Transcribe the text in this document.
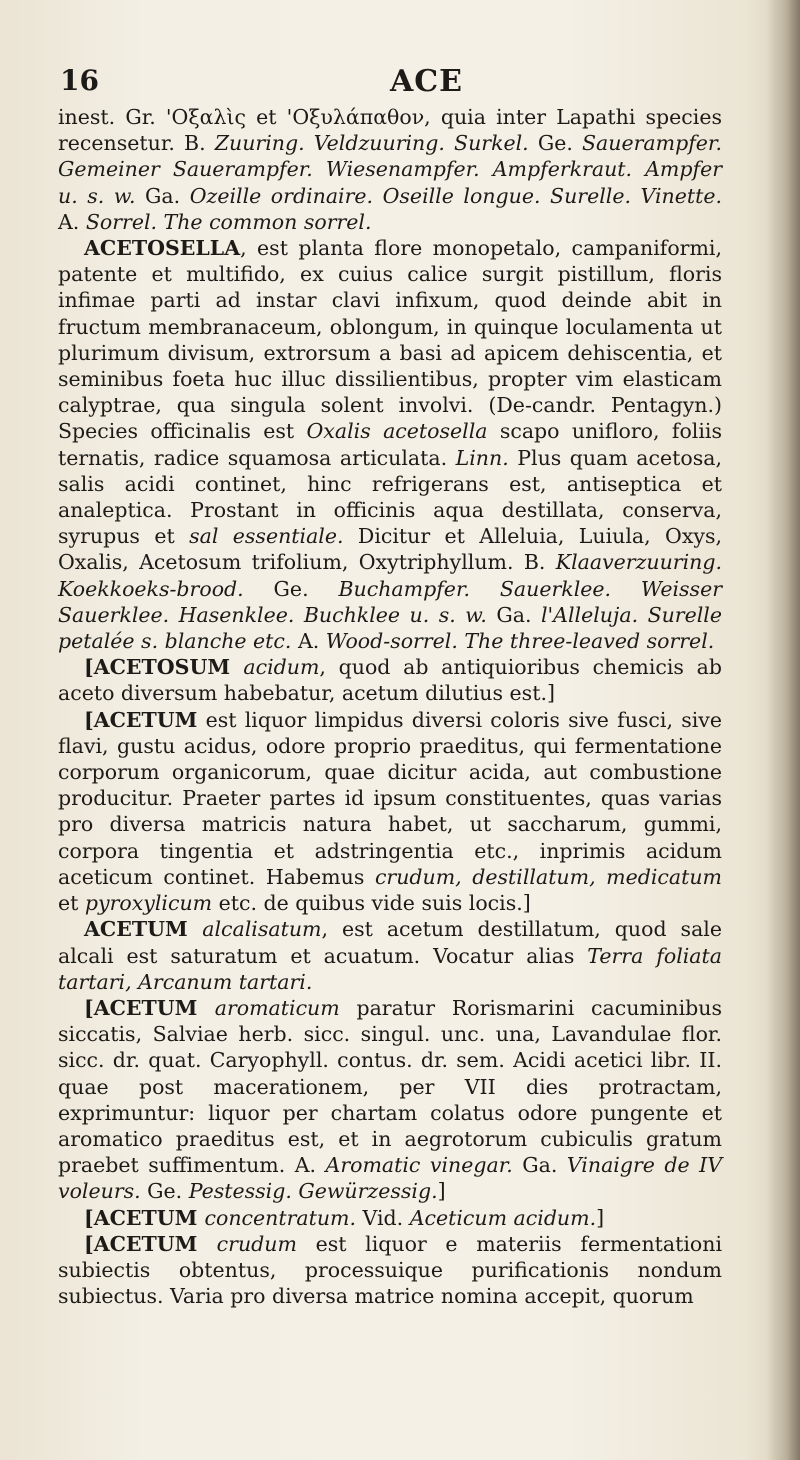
16	ACE

inest. Gr. 'Οξαλὶς et 'Οξυλάπαθον, quia inter Lapathi species recensetur. B. Zuuring. Veldzuuring. Surkel. Ge. Sauerampfer. Gemeiner Sauerampfer. Wiesenampfer. Ampferkraut. Ampfer u. s. w. Ga. Ozeille ordinaire. Oseille longue. Surelle. Vinette. A. Sorrel. The common sorrel.

ACETOSELLA, est planta flore monopetalo, campaniformi, patente et multifido, ex cuius calice surgit pistillum, floris infimae parti ad instar clavi infixum, quod deinde abit in fructum membranaceum, oblongum, in quinque loculamenta ut plurimum divisum, extrorsum a basi ad apicem dehiscentia, et seminibus foeta huc illuc dissilientibus, propter vim elasticam calyptrae, qua singula solent involvi. (De-candr. Pentagyn.) Species officinalis est Oxalis acetosella scapo unifloro, foliis ternatis, radice squamosa articulata. Linn. Plus quam acetosa, salis acidi continet, hinc refrigerans est, antiseptica et analeptica. Prostant in officinis aqua destillata, conserva, syrupus et sal essentiale. Dicitur et Alleluia, Luiula, Oxys, Oxalis, Acetosum trifolium, Oxytriphyllum. B. Klaaverzuuring. Koekkoeks-brood. Ge. Buchampfer. Sauerklee. Weisser Sauerklee. Hasenklee. Buchklee u. s. w. Ga. l'Alleluja. Surelle petalée s. blanche etc. A. Wood-sorrel. The three-leaved sorrel.

[ACETOSUM acidum, quod ab antiquioribus chemicis ab aceto diversum habebatur, acetum dilutius est.]

[ACETUM est liquor limpidus diversi coloris sive fusci, sive flavi, gustu acidus, odore proprio praeditus, qui fermentatione corporum organicorum, quae dicitur acida, aut combustione producitur. Praeter partes id ipsum constituentes, quas varias pro diversa matricis natura habet, ut saccharum, gummi, corpora tingentia et adstringentia etc., inprimis acidum aceticum continet. Habemus crudum, destillatum, medicatum et pyroxylicum etc. de quibus vide suis locis.]

ACETUM alcalisatum, est acetum destillatum, quod sale alcali est saturatum et acuatum. Vocatur alias Terra foliata tartari, Arcanum tartari.

[ACETUM aromaticum paratur Rorismarini cacuminibus siccatis, Salviae herb. sicc. singul. unc. una, Lavandulae flor. sicc. dr. quat. Caryophyll. contus. dr. sem. Acidi acetici libr. II. quae post macerationem, per VII dies protractam, exprimuntur: liquor per chartam colatus odore pungente et aromatico praeditus est, et in aegrotorum cubiculis gratum praebet suffimentum. A. Aromatic vinegar. Ga. Vinaigre de IV voleurs. Ge. Pestessig. Gewürzessig.]

[ACETUM concentratum. Vid. Aceticum acidum.]

[ACETUM crudum est liquor e materiis fermentationi subiectis obtentus, processuique purificationis nondum subiectus. Varia pro diversa matrice nomina accepit, quorum
